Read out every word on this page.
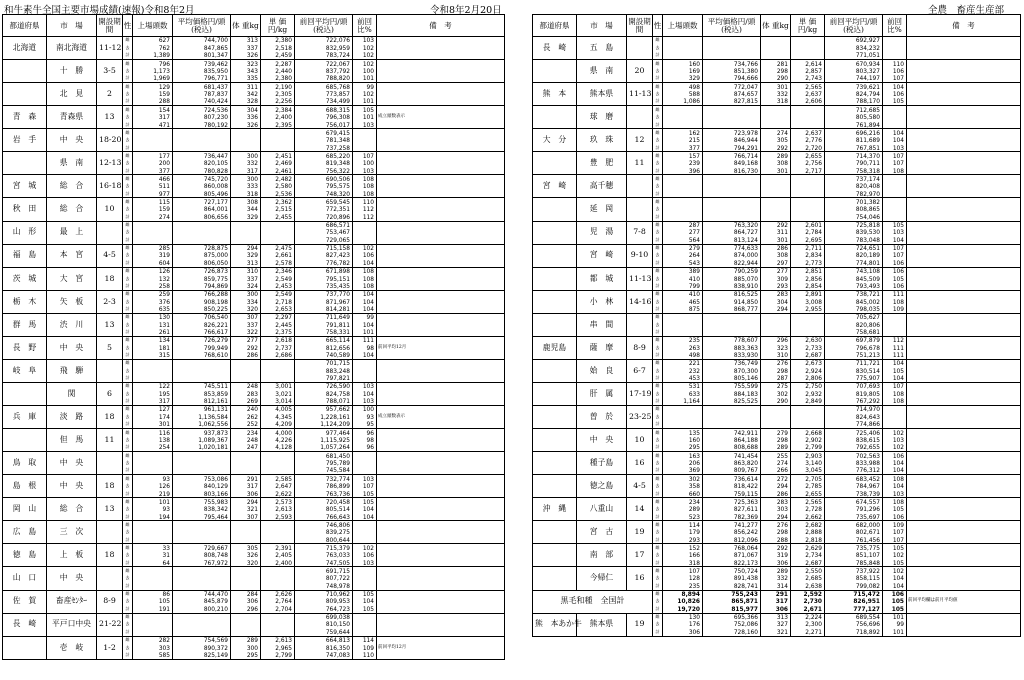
和牛素牛全国主要市場成績(速報)令和8年2月	令和8年2月20日	全農　畜産生産部
都道府県	市　場	開設期間	性	上場頭数	平均価格円/頭(税込)	体 重kg	単 価円/kg	前回平均円/頭(税込)	前回比%	備　考
北海道	南北海道	11-12	雌	627	744,700	313	2,380	722,076	103	
			去	762	847,865	337	2,518	832,959	102	
			計	1,389	801,347	326	2,459	783,724	102	
	十　勝	3-5	雌	796	739,462	323	2,287	722,067	102	
			去	1,173	835,950	343	2,440	837,792	100	
			計	1,969	796,771	335	2,380	788,820	101	
	北　見	2	雌	129	681,437	311	2,190	685,768	99	
			去	159	787,837	342	2,305	773,857	102	
			計	288	740,424	328	2,256	734,499	101	
青　森	青森県	13	雌	154	724,536	304	2,384	688,315	105	成立頭数表示
			去	317	807,230	336	2,400	796,308	101	
			計	471	780,192	326	2,395	756,017	103	
岩　手	中　央	18-20	雌					679,415		
			去					781,348		
			計					737,258		
	県　南	12-13	雌	177	736,447	300	2,451	685,220	107	
			去	200	820,105	332	2,469	819,348	100	
			計	377	780,828	317	2,461	756,322	103	
宮　城	総　合	16-18	雌	466	745,720	300	2,482	690,506	108	
			去	511	860,008	333	2,580	795,575	108	
			計	977	805,496	318	2,536	748,320	108	
秋　田	総　合	10	雌	115	727,177	308	2,362	659,545	110	
			去	159	864,001	344	2,515	772,351	112	
			計	274	806,656	329	2,455	720,896	112	
山　形	最　上		雌					686,571		
			去					753,467		
			計					729,065		
福　島	本　宮	4-5	雌	285	728,875	294	2,475	715,158	102	
			去	319	875,000	329	2,661	827,423	106	
			計	604	806,050	313	2,578	776,782	104	
茨　城	大　宮	18	雌	126	726,873	310	2,346	671,898	108	
			去	132	859,775	337	2,549	795,151	108	
			計	258	794,869	324	2,453	735,435	108	
栃　木	矢　板	2-3	雌	259	766,288	300	2,549	737,770	104	
			去	376	908,198	334	2,718	871,967	104	
			計	635	850,225	320	2,653	814,281	104	
群　馬	渋　川	13	雌	130	706,540	307	2,297	711,649	99	
			去	131	826,221	337	2,445	791,811	104	
			計	261	766,617	322	2,375	758,331	101	
長　野	中　央	5	雌	134	726,279	277	2,618	665,114	111	前回平均12月
			去	181	799,949	292	2,737	812,656	98	
			計	315	768,610	286	2,686	740,589	104	
岐　阜	飛　騨		雌					701,715		
			去					883,248		
			計					797,821		
	関	6	雌	122	745,511	248	3,001	726,590	103	
			去	195	853,859	283	3,021	824,758	104	
			計	317	812,161	269	3,014	788,071	103	
兵　庫	淡　路	18	雌	127	961,131	240	4,005	957,662	100	成立頭数表示
			去	174	1,136,584	262	4,345	1,228,161	93	
			計	301	1,062,556	252	4,209	1,124,209	95	
	但　馬	11	雌	116	937,873	234	4,000	977,464	96	
			去	138	1,089,367	248	4,226	1,115,925	98	
			計	254	1,020,181	247	4,128	1,057,264	96	
鳥　取	中　央		雌					681,450		
			去					795,789		
			計					745,584		
島　根	中　央	18	雌	93	753,086	291	2,585	732,774	103	
			去	126	840,129	317	2,647	786,899	107	
			計	219	803,166	306	2,622	763,736	105	
岡　山	総　合	13	雌	101	755,983	294	2,573	720,458	105	
			去	93	838,342	321	2,613	805,514	104	
			計	194	795,464	307	2,593	766,643	104	
広　島	三　次		雌					746,806		
			去					839,275		
			計					800,644		
徳　島	上　板	18	雌	33	729,667	305	2,391	715,379	102	
			去	31	808,748	326	2,405	763,033	106	
			計	64	767,972	320	2,400	747,505	103	
山　口	中　央		雌					691,715		
			去					807,722		
			計					748,978		
佐　賀	畜産ｾﾝﾀｰ	8-9	雌	86	744,470	284	2,626	710,962	105	
			去	105	845,879	306	2,764	809,953	104	
			計	191	800,210	296	2,704	764,723	105	
長　崎	平戸口中央	21-22	雌					699,038		
			去					810,150		
			計					759,644		
	壱　岐	1-2	雌	282	754,569	289	2,613	664,813	114	前回平均12月
			去	303	890,372	300	2,965	816,350	109	
			計	585	825,149	295	2,799	747,083	110	
都道府県	市　場	開設期間	性	上場頭数	平均価格円/頭(税込)	体 重kg	単 価円/kg	前回平均円/頭(税込)	前回比%	備　考
長　崎	五　島		雌					692,927		
			去					834,232		
			計					771,051		
	県　南	20	雌	160	734,766	281	2,614	670,934	110	
			去	169	851,380	298	2,857	803,327	106	
			計	329	794,666	290	2,743	744,197	107	
熊　本	熊本県	11-13	雌	498	772,047	301	2,565	739,621	104	
			去	588	874,657	332	2,637	824,794	106	
			計	1,086	827,815	318	2,606	788,170	105	
	球　磨		雌					712,685		
			去					805,580		
			計					761,894		
大　分	玖　珠	12	雌	162	723,978	274	2,637	696,216	104	
			去	215	846,944	305	2,776	811,689	104	
			計	377	794,291	292	2,720	767,851	103	
	豊　肥	11	雌	157	766,714	289	2,655	714,370	107	
			去	239	849,168	308	2,756	790,711	107	
			計	396	816,730	301	2,717	758,318	108	
宮　崎	高千穂		雌					737,174		
			去					820,408		
			計					782,970		
	延　岡		雌					701,382		
			去					808,865		
			計					754,046		
	児　湯	7-8	雌	287	763,320	292	2,601	725,818	105	
			去	277	864,727	311	2,784	839,530	103	
			計	564	813,124	301	2,695	783,048	104	
	宮　崎	9-10	雌	279	774,633	286	2,711	724,651	107	
			去	264	874,000	308	2,834	820,189	107	
			計	543	822,944	297	2,773	774,801	106	
	都　城	11-13	雌	389	790,259	277	2,851	743,108	106	
			去	410	885,070	309	2,856	845,509	105	
			計	799	838,910	293	2,854	793,493	106	
	小　林	14-16	雌	410	816,525	283	2,891	738,721	111	
			去	465	914,850	304	3,008	845,002	108	
			計	875	868,777	294	2,955	798,035	109	
	串　間		雌					705,627		
			去					820,806		
			計					758,681		
鹿児島	薩　摩	8-9	雌	235	778,607	296	2,630	697,879	112	
			去	263	883,363	323	2,733	796,678	111	
			計	498	833,930	310	2,687	751,213	111	
	姶　良	6-7	雌	221	736,749	276	2,673	711,721	104	
			去	232	870,300	298	2,924	830,514	105	
			計	453	805,146	287	2,806	775,907	104	
	肝　属	17-19	雌	531	755,599	275	2,750	707,693	107	
			去	633	884,183	302	2,932	819,805	108	
			計	1,164	825,525	290	2,849	767,292	108	
	曽　於	23-25	雌					714,970		
			去					824,643		
			計					774,866		
	中　央	10	雌	135	742,911	279	2,668	725,406	102	
			去	160	864,188	298	2,902	838,615	103	
			計	295	808,688	289	2,799	792,655	102	
	種子島	16	雌	163	741,454	255	2,903	702,563	106	
			去	206	863,820	274	3,140	833,988	104	
			計	369	809,767	266	3,045	776,312	104	
	徳之島	4-5	雌	302	736,614	272	2,705	683,452	108	
			去	358	818,422	294	2,785	784,967	104	
			計	660	759,115	286	2,655	738,739	103	
沖　縄	八重山	14	雌	234	725,363	283	2,565	674,557	108	
			去	289	827,611	303	2,728	791,296	105	
			計	523	782,369	294	2,662	735,697	106	
	宮　古	19	雌	114	741,277	276	2,682	682,000	109	
			去	179	856,242	298	2,888	802,671	107	
			計	293	812,096	288	2,818	761,456	107	
	南　部	17	雌	152	768,064	292	2,629	735,775	105	
			去	166	871,067	319	2,734	851,107	102	
			計	318	822,173	306	2,687	785,848	105	
	今帰仁	16	雌	107	750,724	289	2,550	737,922	102	
			去	128	891,438	332	2,685	858,115	104	
			計	235	828,741	314	2,638	799,082	104	
黒毛和種　全国計			雌	8,894	755,243	291	2,592	715,472	106	前回平均欄は前月平均値
			去	10,826	865,871	317	2,730	826,951	105	
			計	19,720	815,977	306	2,671	777,127	105	
熊　本あか牛	熊本県	19	雌	130	695,366	313	2,224	689,554	101	
			去	176	752,086	327	2,300	756,696	99	
			計	306	728,160	321	2,271	718,892	101	
